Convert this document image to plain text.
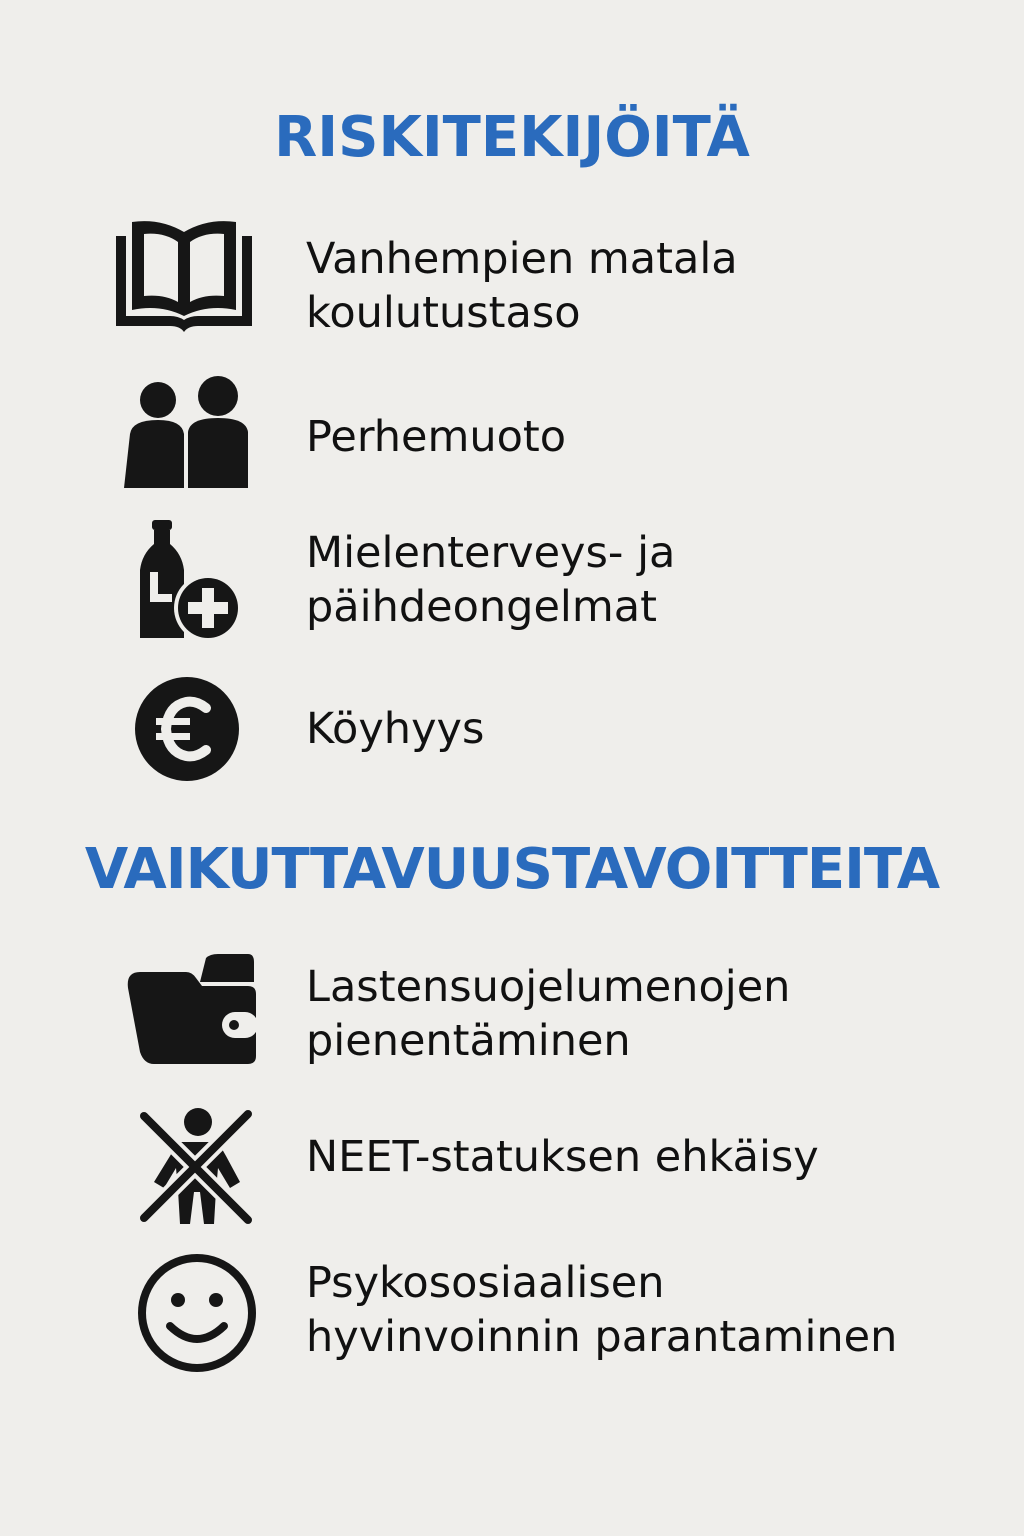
RISKITEKIJÖITÄ
Vanhempien matala
koulutustaso
Perhemuoto
Mielenterveys- ja
päihdeongelmat
Köyhyys
VAIKUTTAVUUSTAVOITTEITA
Lastensuojelumenojen
pienentäminen
NEET-statuksen ehkäisy
Psykososiaalisen
hyvinvoinnin parantaminen
